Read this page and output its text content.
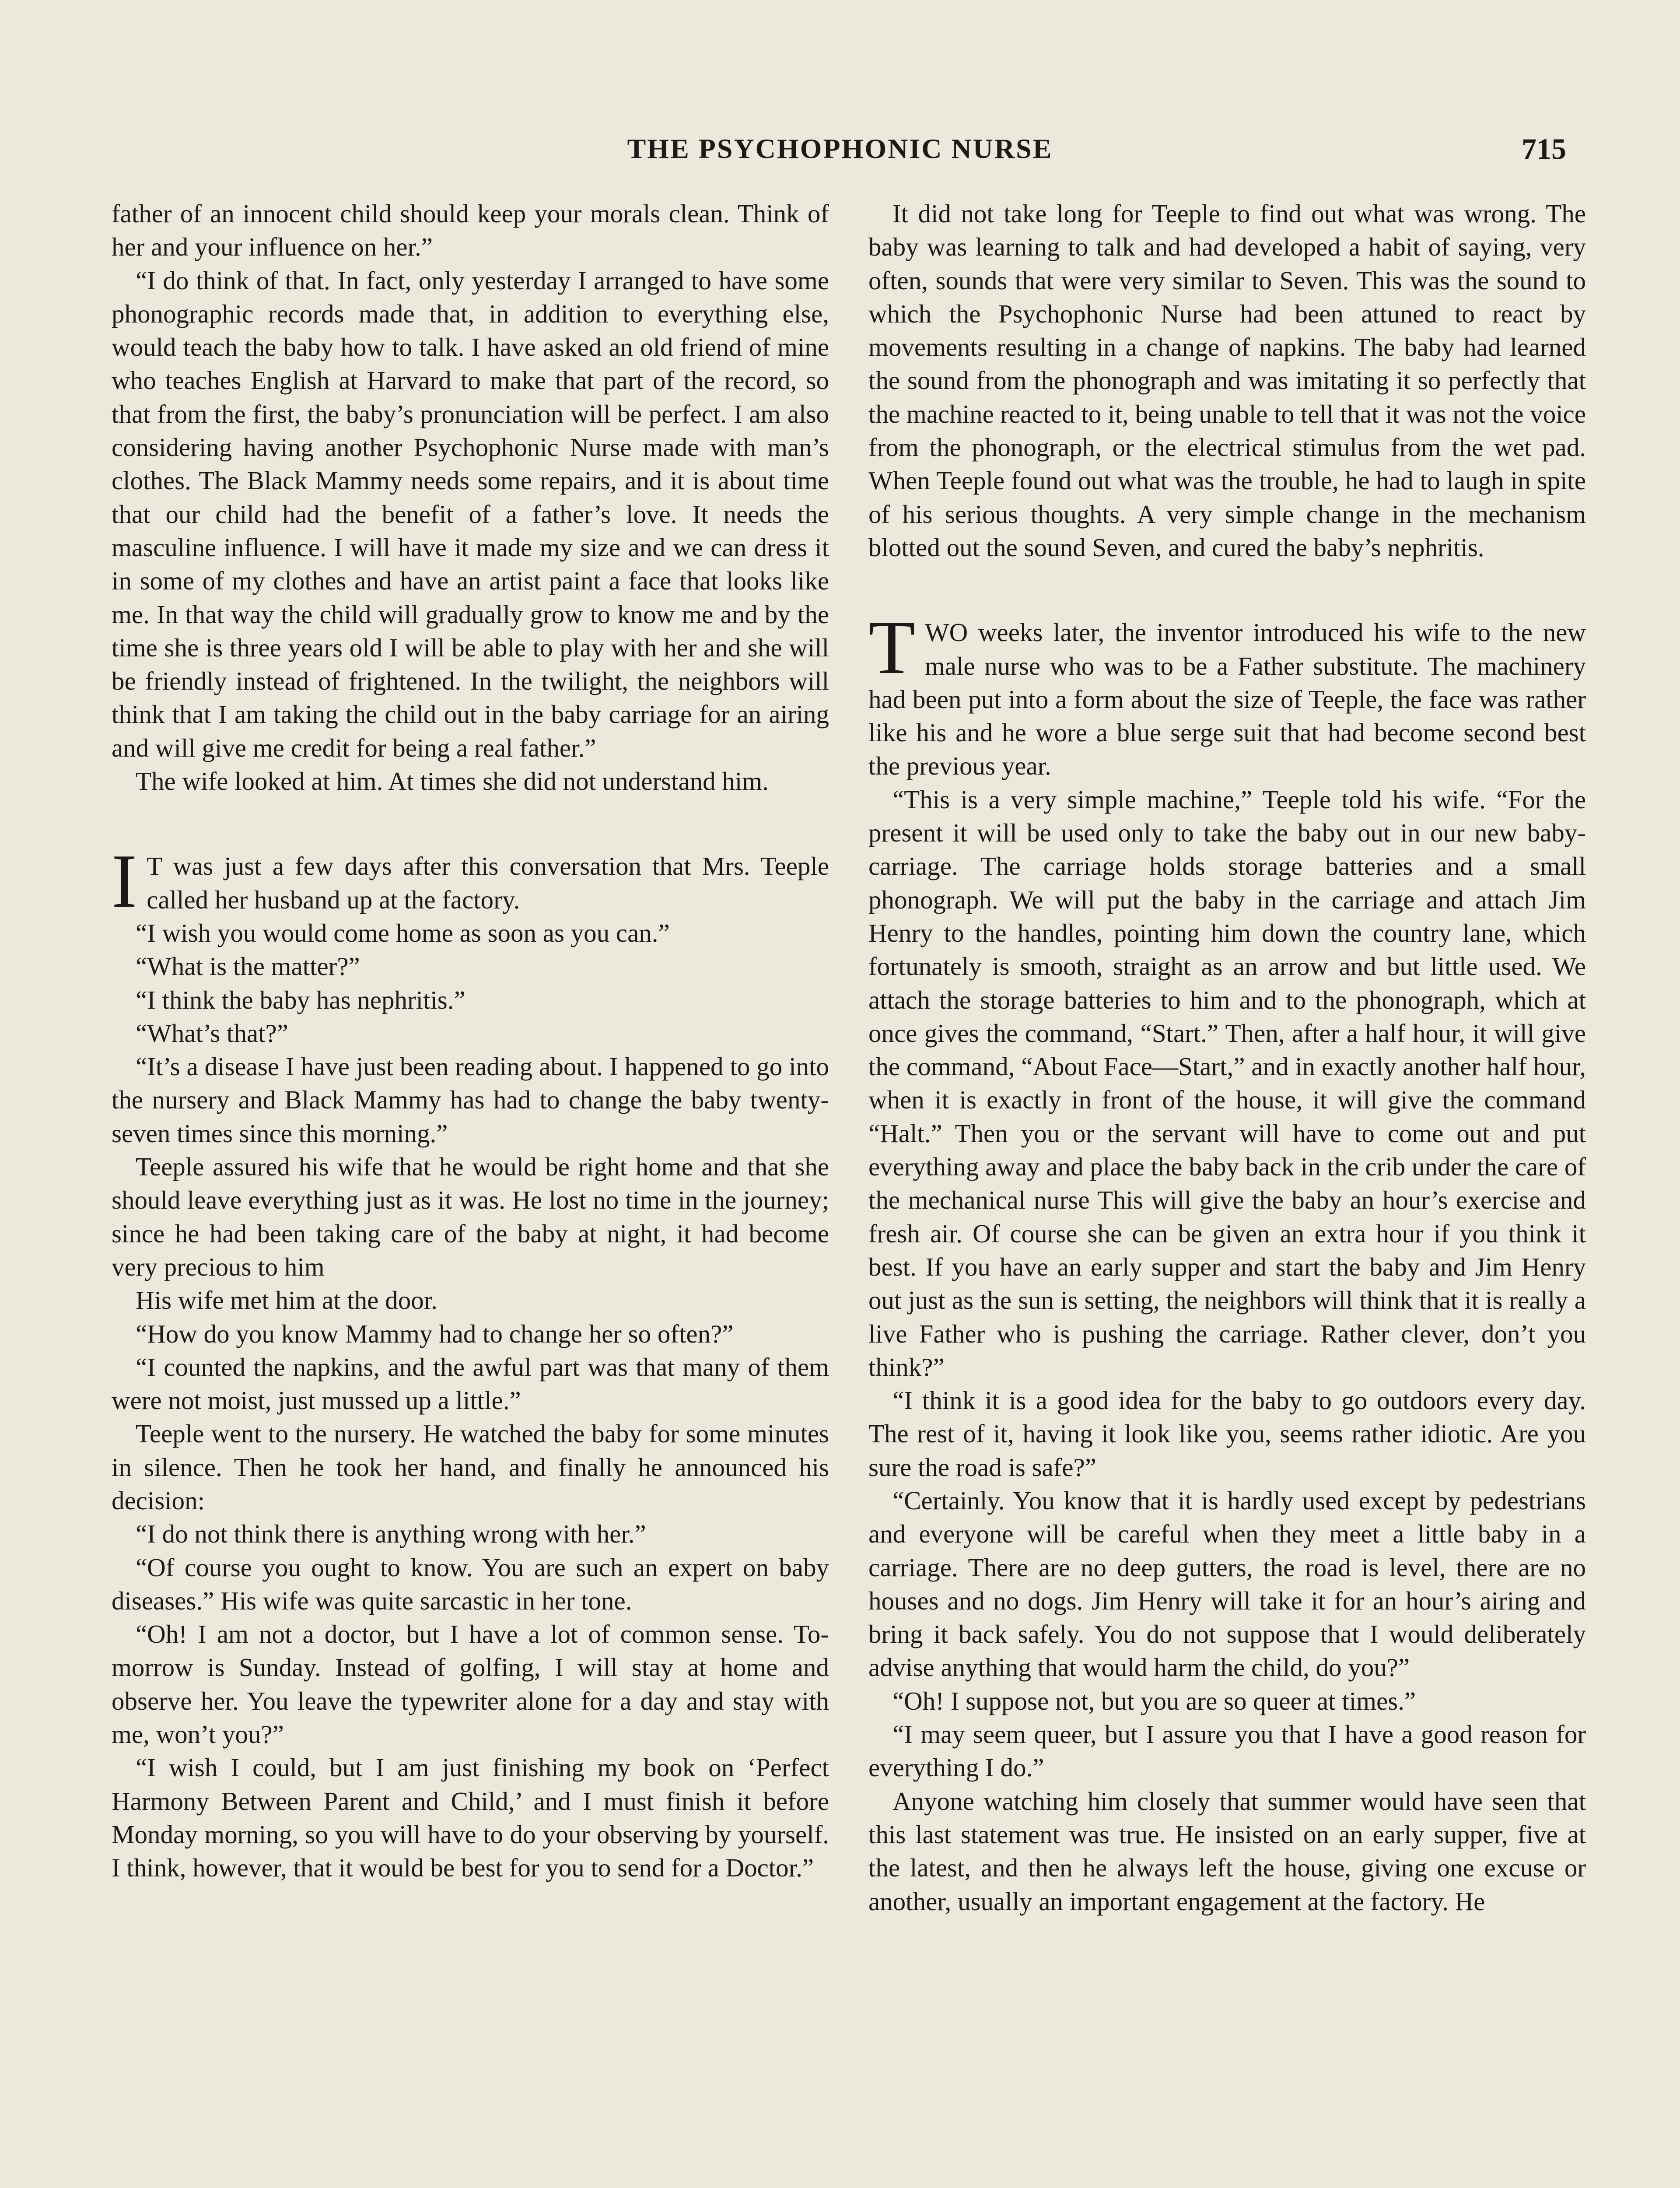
THE PSYCHOPHONIC NURSE	715

father of an innocent child should keep your morals clean. Think of her and your influence on her.”

“I do think of that. In fact, only yesterday I arranged to have some phonographic records made that, in addition to everything else, would teach the baby how to talk. I have asked an old friend of mine who teaches English at Harvard to make that part of the record, so that from the first, the baby’s pronunciation will be perfect. I am also considering having another Psychophonic Nurse made with man’s clothes. The Black Mammy needs some repairs, and it is about time that our child had the benefit of a father’s love. It needs the masculine influence. I will have it made my size and we can dress it in some of my clothes and have an artist paint a face that looks like me. In that way the child will gradually grow to know me and by the time she is three years old I will be able to play with her and she will be friendly instead of frightened. In the twilight, the neighbors will think that I am taking the child out in the baby carriage for an airing and will give me credit for being a real father.”

The wife looked at him. At times she did not understand him.

I T was just a few days after this conversation that Mrs. Teeple called her husband up at the factory.

“I wish you would come home as soon as you can.”

“What is the matter?”

“I think the baby has nephritis.”

“What’s that?”

“It’s a disease I have just been reading about. I happened to go into the nursery and Black Mammy has had to change the baby twenty-seven times since this morning.”

Teeple assured his wife that he would be right home and that she should leave everything just as it was. He lost no time in the journey; since he had been taking care of the baby at night, it had become very precious to him

His wife met him at the door.

“How do you know Mammy had to change her so often?”

“I counted the napkins, and the awful part was that many of them were not moist, just mussed up a little.”

Teeple went to the nursery. He watched the baby for some minutes in silence. Then he took her hand, and finally he announced his decision:

“I do not think there is anything wrong with her.”

“Of course you ought to know. You are such an expert on baby diseases.” His wife was quite sarcastic in her tone.

“Oh! I am not a doctor, but I have a lot of common sense. To-morrow is Sunday. Instead of golfing, I will stay at home and observe her. You leave the typewriter alone for a day and stay with me, won’t you?”

“I wish I could, but I am just finishing my book on ‘Perfect Harmony Between Parent and Child,’ and I must finish it before Monday morning, so you will have to do your observing by yourself. I think, however, that it would be best for you to send for a Doctor.”

It did not take long for Teeple to find out what was wrong. The baby was learning to talk and had developed a habit of saying, very often, sounds that were very similar to Seven. This was the sound to which the Psychophonic Nurse had been attuned to react by movements resulting in a change of napkins. The baby had learned the sound from the phonograph and was imitating it so perfectly that the machine reacted to it, being unable to tell that it was not the voice from the phonograph, or the electrical stimulus from the wet pad. When Teeple found out what was the trouble, he had to laugh in spite of his serious thoughts. A very simple change in the mechanism blotted out the sound Seven, and cured the baby’s nephritis.

TWO weeks later, the inventor introduced his wife to the new male nurse who was to be a Father substitute. The machinery had been put into a form about the size of Teeple, the face was rather like his and he wore a blue serge suit that had become second best the previous year.

“This is a very simple machine,” Teeple told his wife. “For the present it will be used only to take the baby out in our new baby-carriage. The carriage holds storage batteries and a small phonograph. We will put the baby in the carriage and attach Jim Henry to the handles, pointing him down the country lane, which fortunately is smooth, straight as an arrow and but little used. We attach the storage batteries to him and to the phonograph, which at once gives the command, “Start.” Then, after a half hour, it will give the command, “About Face—Start,” and in exactly another half hour, when it is exactly in front of the house, it will give the command “Halt.” Then you or the servant will have to come out and put everything away and place the baby back in the crib under the care of the mechanical nurse This will give the baby an hour’s exercise and fresh air. Of course she can be given an extra hour if you think it best. If you have an early supper and start the baby and Jim Henry out just as the sun is setting, the neighbors will think that it is really a live Father who is pushing the carriage. Rather clever, don’t you think?”

“I think it is a good idea for the baby to go outdoors every day. The rest of it, having it look like you, seems rather idiotic. Are you sure the road is safe?”

“Certainly. You know that it is hardly used except by pedestrians and everyone will be careful when they meet a little baby in a carriage. There are no deep gutters, the road is level, there are no houses and no dogs. Jim Henry will take it for an hour’s airing and bring it back safely. You do not suppose that I would deliberately advise anything that would harm the child, do you?”

“Oh! I suppose not, but you are so queer at times.”

“I may seem queer, but I assure you that I have a good reason for everything I do.”

Anyone watching him closely that summer would have seen that this last statement was true. He insisted on an early supper, five at the latest, and then he always left the house, giving one excuse or another, usually an important engagement at the factory. He
